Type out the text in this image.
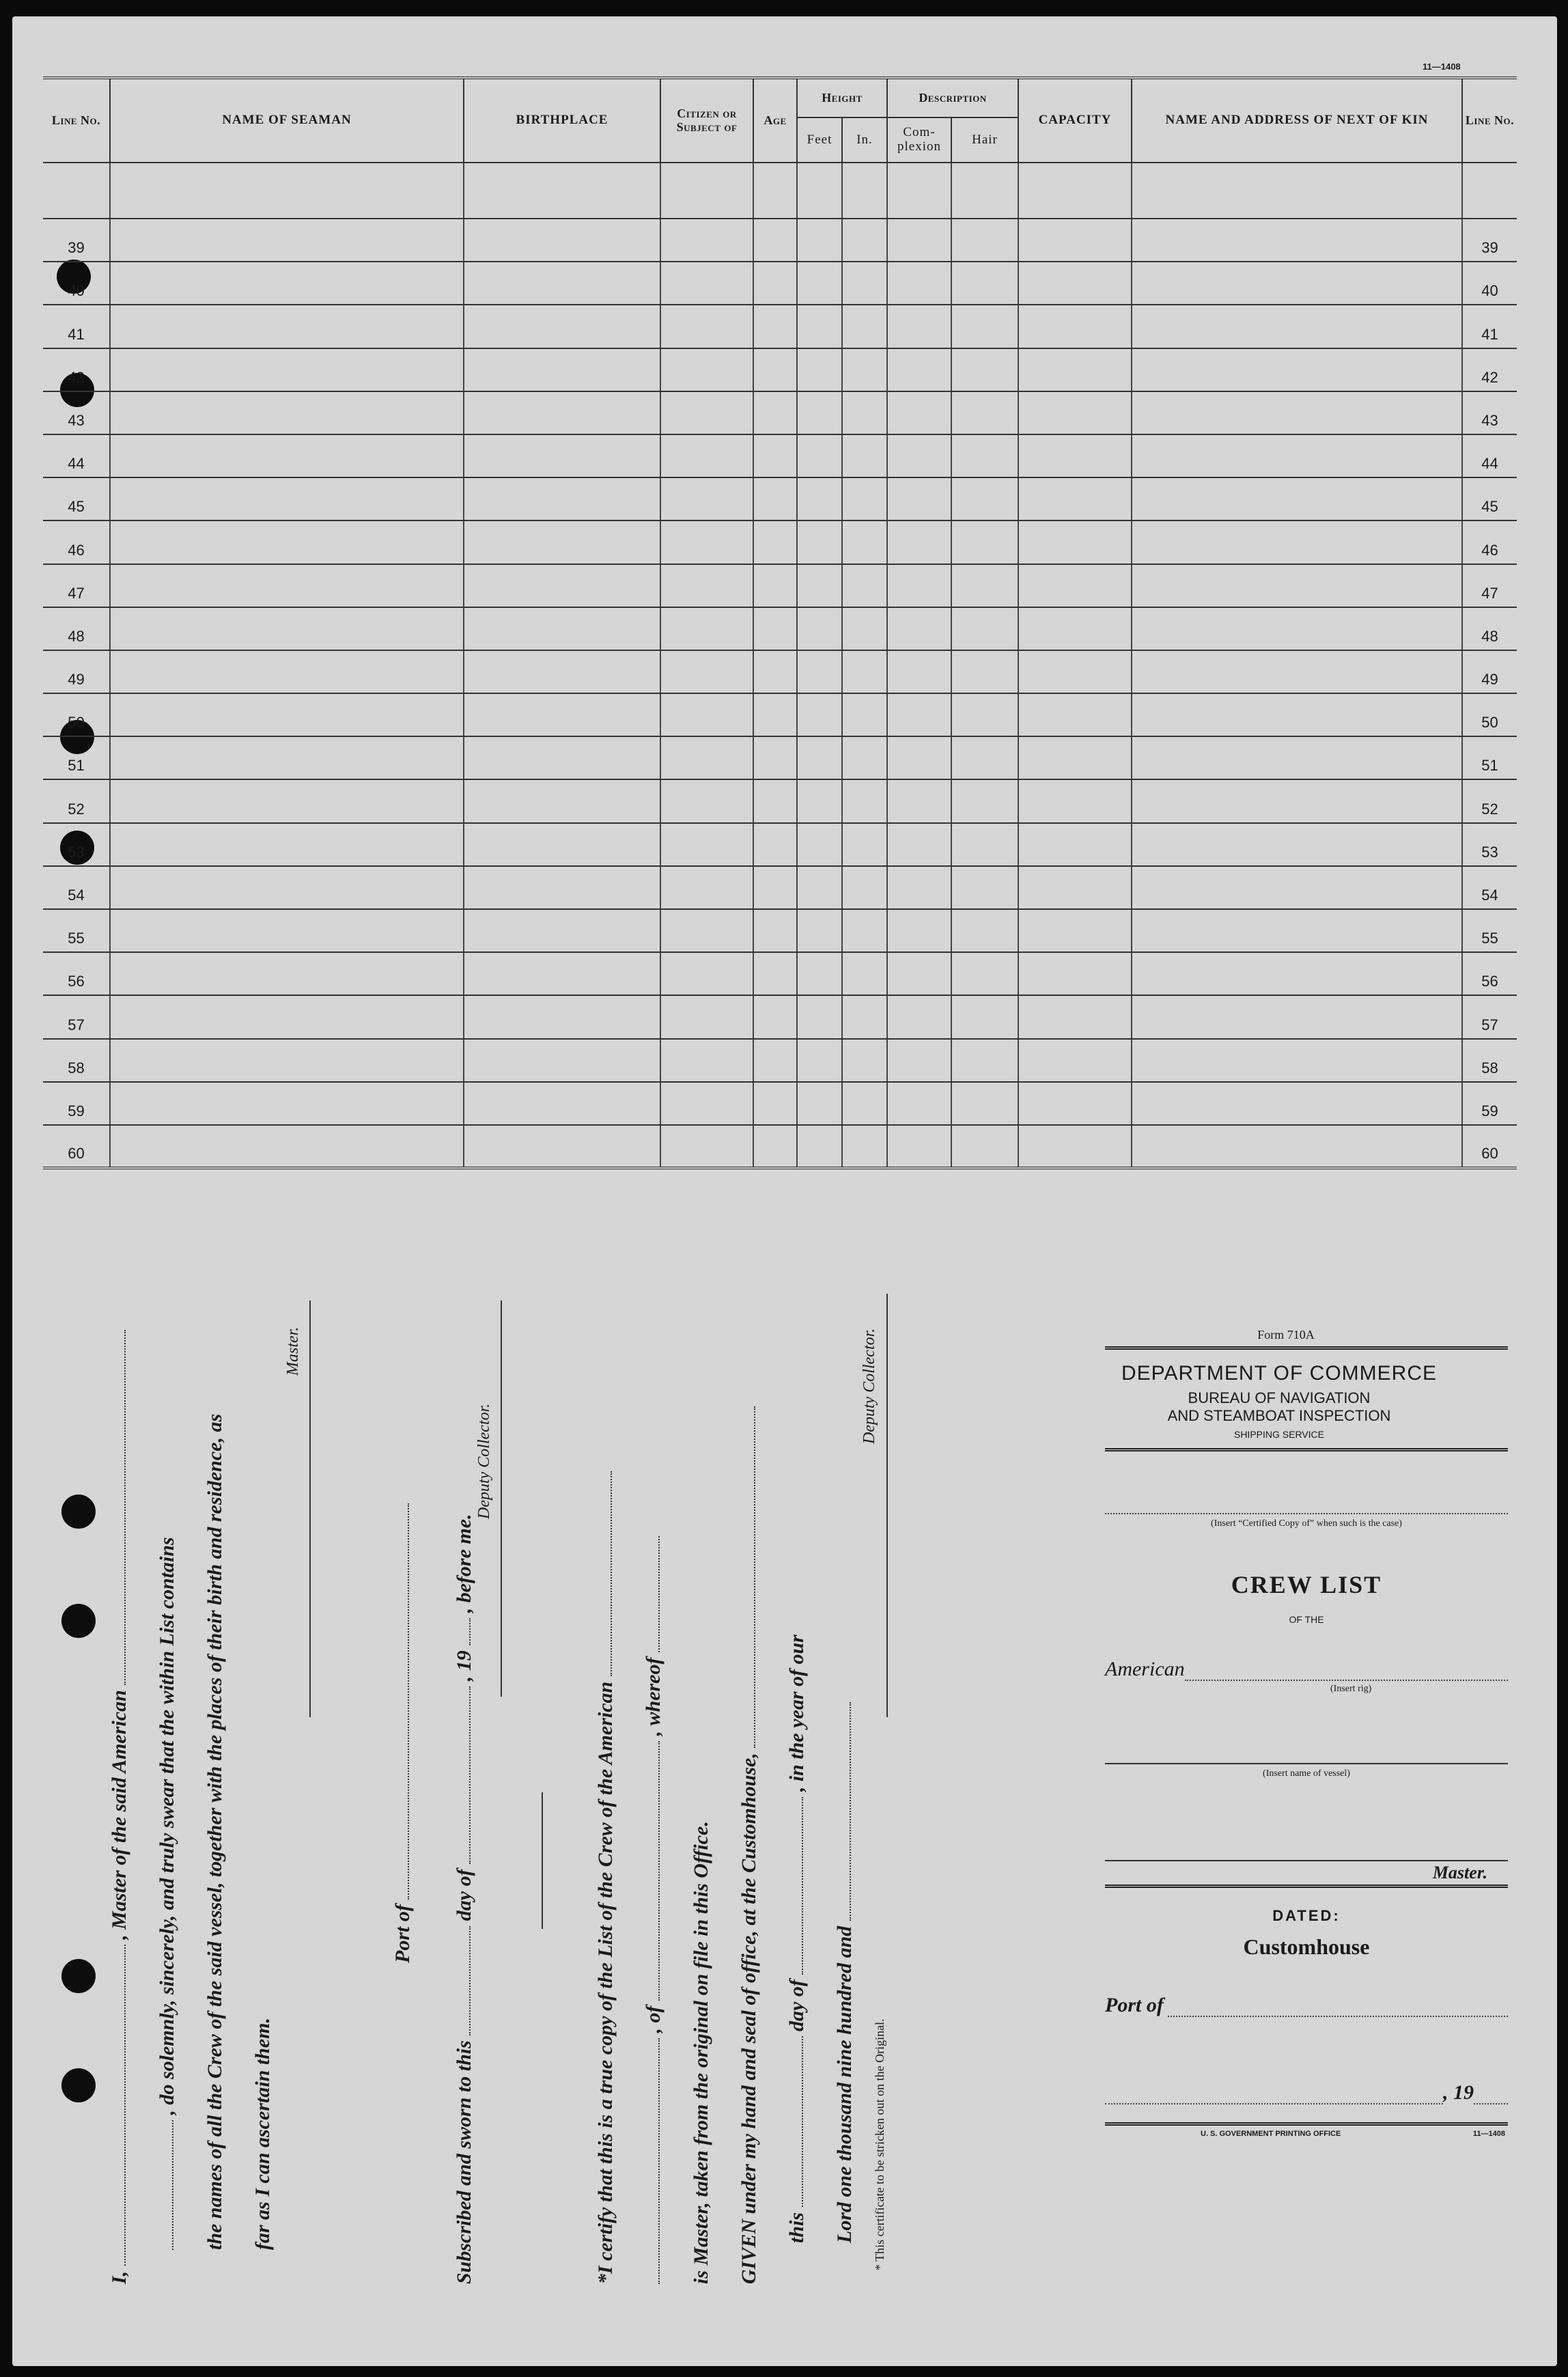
11—1408
Line No.	NAME OF SEAMAN	BIRTHPLACE	Citizen or Subject of	Age	Height		Description		CAPACITY	NAME AND ADDRESS OF NEXT OF KIN	Line No.
					Feet	In.	Com-plexion	Hair			

39											39
40											40
41											41
42											42
43											43
44											44
45											45
46											46
47											47
48											48
49											49
50											50
51											51
52											52
53											53
54											54
55											55
56											56
57											57
58											58
59											59
60											60
I,  , Master of the said American , do solemnly, sincerely, and truly swear that the within List contains the names of all the Crew of the said vessel, together with the places of their birth and residence, as far as I can ascertain them.
Master.
Port of
Subscribed and sworn to this  day of  , 19  , before me.
Deputy Collector.
*I certify that this is a true copy of the List of the Crew of the American , of  , whereof
is Master, taken from the original on file in this Office. GIVEN under my hand and seal of office, at the Customhouse, this  day of  , in the year of our
Lord one thousand nine hundred and
Deputy Collector.
* This certificate to be stricken out on the Original.
Form 710A
DEPARTMENT OF COMMERCE
BUREAU OF NAVIGATION
AND STEAMBOAT INSPECTION
SHIPPING SERVICE
(Insert “Certified Copy of” when such is the case)
CREW LIST
OF THE
American
(Insert rig)
(Insert name of vessel)
Master.
DATED:
Customhouse
Port of
, 19
U. S. GOVERNMENT PRINTING OFFICE	11—1408
